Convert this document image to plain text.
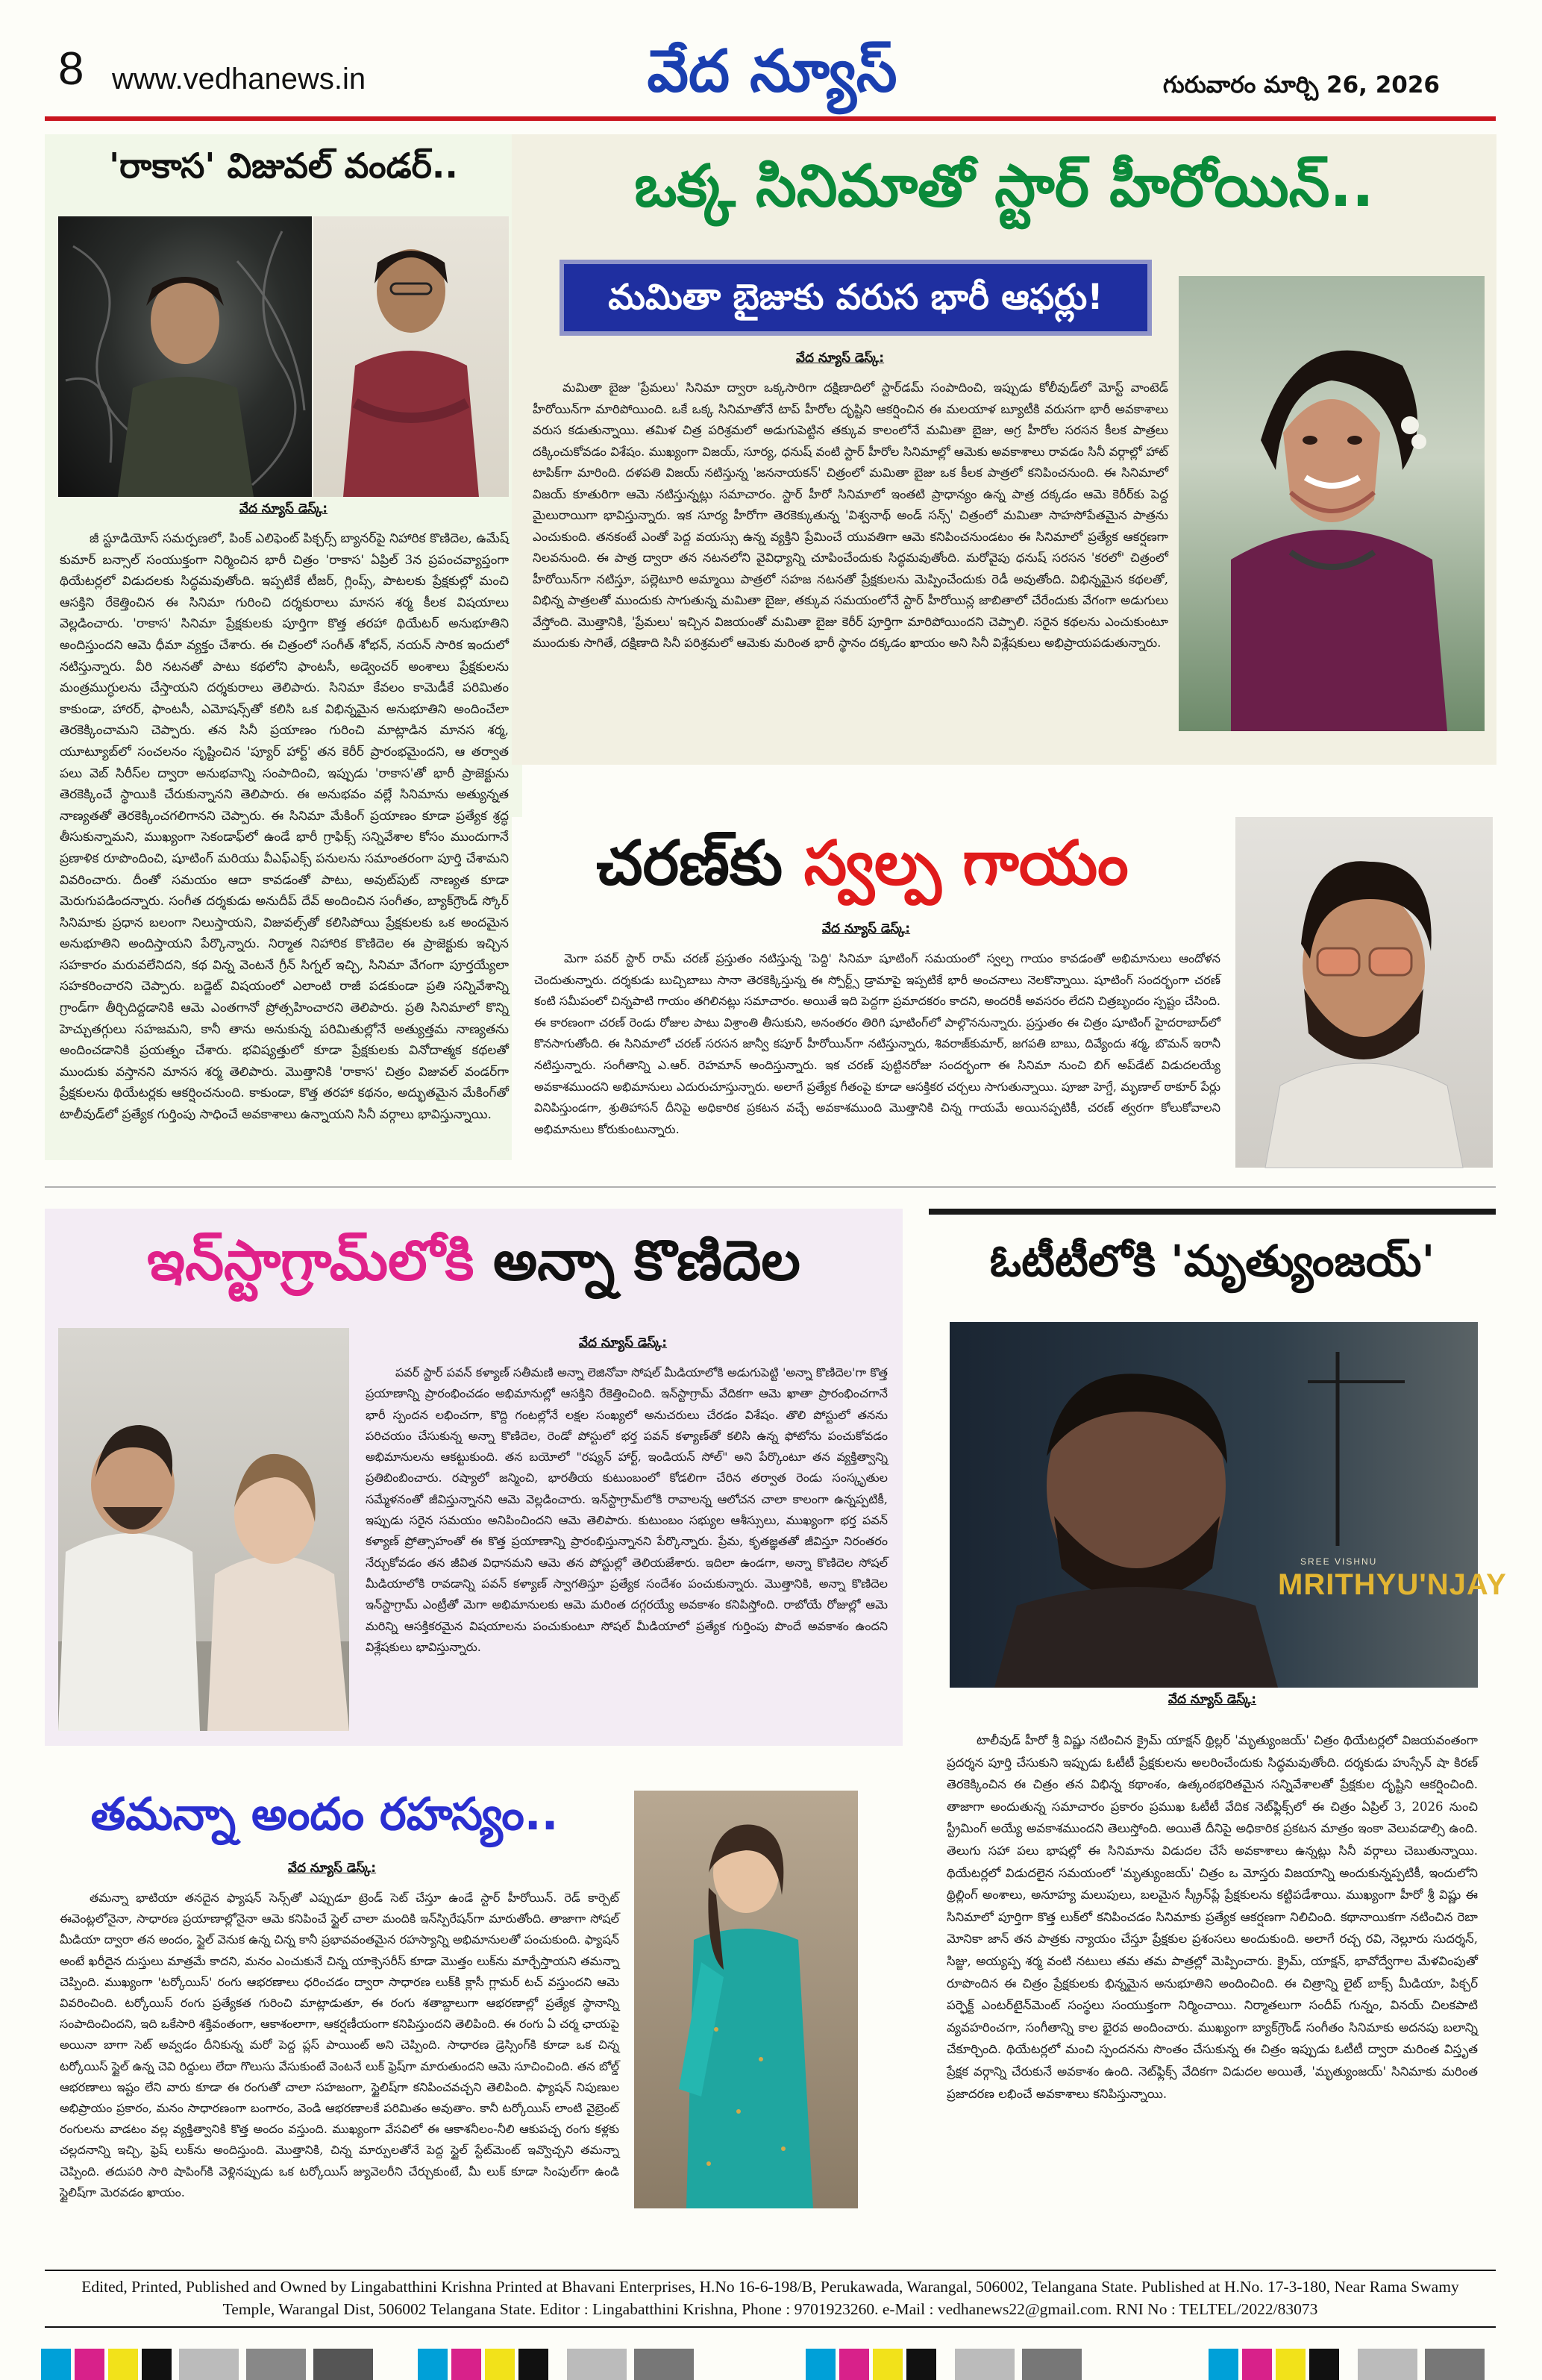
8 www.vedhanews.in	వేద న్యూస్	గురువారం మార్చి 26, 2026
'రాకాస' విజువల్ వండర్..
వేద న్యూస్ డెస్క్:
జీ స్టూడియోస్ సమర్పణలో, పింక్ ఎలిఫెంట్ పిక్చర్స్ బ్యానర్‌పై నిహారిక కొణిదెల, ఉమేష్ కుమార్ బన్సాల్ సంయుక్తంగా నిర్మించిన భారీ చిత్రం 'రాకాస' ఏప్రిల్ 3న ప్రపంచవ్యాప్తంగా థియేటర్లలో విడుదలకు సిద్ధమవుతోంది. ఇప్పటికే టీజర్, గ్లింప్స్, పాటలకు ప్రేక్షకుల్లో మంచి ఆసక్తిని రేకెత్తించిన ఈ సినిమా గురించి దర్శకురాలు మానస శర్మ కీలక విషయాలు వెల్లడించారు. 'రాకాస' సినిమా ప్రేక్షకులకు పూర్తిగా కొత్త తరహా థియేటర్ అనుభూతిని అందిస్తుందని ఆమె ధీమా వ్యక్తం చేశారు. ఈ చిత్రంలో సంగీత్ శోభన్, నయన్ సారిక ఇందులో నటిస్తున్నారు. వీరి నటనతో పాటు కథలోని ఫాంటసీ, అడ్వెంచర్ అంశాలు ప్రేక్షకులను మంత్రముగ్ధులను చేస్తాయని దర్శకురాలు తెలిపారు. సినిమా కేవలం కామెడీకే పరిమితం కాకుండా, హారర్, ఫాంటసీ, ఎమోషన్స్‌తో కలిసి ఒక విభిన్నమైన అనుభూతిని అందించేలా తెరకెక్కించామని చెప్పారు. తన సినీ ప్రయాణం గురించి మాట్లాడిన మానస శర్మ, యూట్యూబ్‌లో సంచలనం సృష్టించిన 'ప్యూర్ హార్ట్' తన కెరీర్ ప్రారంభమైందని, ఆ తర్వాత పలు వెబ్ సిరీస్‌ల ద్వారా అనుభవాన్ని సంపాదించి, ఇప్పుడు 'రాకాస'తో భారీ ప్రాజెక్టును తెరకెక్కించే స్థాయికి చేరుకున్నానని తెలిపారు. ఈ అనుభవం వల్లే సినిమాను అత్యున్నత నాణ్యతతో తెరకెక్కించగలిగానని చెప్పారు. ఈ సినిమా మేకింగ్ ప్రయాణం కూడా ప్రత్యేక శ్రద్ధ తీసుకున్నామని, ముఖ్యంగా సెకండాఫ్‌లో ఉండే భారీ గ్రాఫిక్స్ సన్నివేశాల కోసం ముందుగానే ప్రణాళిక రూపొందించి, షూటింగ్ మరియు వీఎఫ్ఎక్స్ పనులను సమాంతరంగా పూర్తి చేశామని వివరించారు. దీంతో సమయం ఆదా కావడంతో పాటు, అవుట్‌పుట్ నాణ్యత కూడా మెరుగుపడిందన్నారు. సంగీత దర్శకుడు అనుదీప్ దేవ్ అందించిన సంగీతం, బ్యాక్‌గ్రౌండ్ స్కోర్ సినిమాకు ప్రధాన బలంగా నిలుస్తాయని, విజువల్స్‌తో కలిసిపోయి ప్రేక్షకులకు ఒక అందమైన అనుభూతిని అందిస్తాయని పేర్కొన్నారు. నిర్మాత నిహారిక కొణిదెల ఈ ప్రాజెక్టుకు ఇచ్చిన సహకారం మరువలేనిదని, కథ విన్న వెంటనే గ్రీన్ సిగ్నల్ ఇచ్చి, సినిమా వేగంగా పూర్తయ్యేలా సహకరించారని చెప్పారు. బడ్జెట్ విషయంలో ఎలాంటి రాజీ పడకుండా ప్రతి సన్నివేశాన్ని గ్రాండ్‌గా తీర్చిదిద్దడానికి ఆమె ఎంతగానో ప్రోత్సహించారని తెలిపారు. ప్రతి సినిమాలో కొన్ని హెచ్చుతగ్గులు సహజమని, కానీ తాను అనుకున్న పరిమితుల్లోనే అత్యుత్తమ నాణ్యతను అందించడానికి ప్రయత్నం చేశారు. భవిష్యత్తులో కూడా ప్రేక్షకులకు వినోదాత్మక కథలతో ముందుకు వస్తానని మానస శర్మ తెలిపారు. మొత్తానికి 'రాకాస' చిత్రం విజువల్ వండర్‌గా ప్రేక్షకులను థియేటర్లకు ఆకర్షించనుంది. కాకుండా, కొత్త తరహా కథనం, అద్భుతమైన మేకింగ్‌తో టాలీవుడ్‌లో ప్రత్యేక గుర్తింపు సాధించే అవకాశాలు ఉన్నాయని సినీ వర్గాలు భావిస్తున్నాయి.
ఒక్క సినిమాతో స్టార్ హీరోయిన్..
మమితా బైజుకు వరుస భారీ ఆఫర్లు!
వేద న్యూస్ డెస్క్:
మమితా బైజు 'ప్రేమలు' సినిమా ద్వారా ఒక్కసారిగా దక్షిణాదిలో స్టార్‌డమ్ సంపాదించి, ఇప్పుడు కోలీవుడ్‌లో మోస్ట్ వాంటెడ్ హీరోయిన్‌గా మారిపోయింది. ఒకే ఒక్క సినిమాతోనే టాప్ హీరోల దృష్టిని ఆకర్షించిన ఈ మలయాళ బ్యూటీకి వరుసగా భారీ అవకాశాలు వరుస కడుతున్నాయి. తమిళ చిత్ర పరిశ్రమలో అడుగుపెట్టిన తక్కువ కాలంలోనే మమితా బైజు, అగ్ర హీరోల సరసన కీలక పాత్రలు దక్కించుకోవడం విశేషం. ముఖ్యంగా విజయ్, సూర్య, ధనుష్ వంటి స్టార్ హీరోల సినిమాల్లో ఆమెకు అవకాశాలు రావడం సినీ వర్గాల్లో హాట్ టాపిక్‌గా మారింది. దళపతి విజయ్ నటిస్తున్న 'జననాయకన్' చిత్రంలో మమితా బైజు ఒక కీలక పాత్రలో కనిపించనుంది. ఈ సినిమాలో విజయ్ కూతురిగా ఆమె నటిస్తున్నట్లు సమాచారం. స్టార్ హీరో సినిమాలో ఇంతటి ప్రాధాన్యం ఉన్న పాత్ర దక్కడం ఆమె కెరీర్‌కు పెద్ద మైలురాయిగా భావిస్తున్నారు. ఇక సూర్య హీరోగా తెరకెక్కుతున్న 'విశ్వనాథ్ అండ్ సన్స్' చిత్రంలో మమితా సాహసోపేతమైన పాత్రను ఎంచుకుంది. తనకంటే ఎంతో పెద్ద వయస్సు ఉన్న వ్యక్తిని ప్రేమించే యువతిగా ఆమె కనిపించనుండటం ఈ సినిమాలో ప్రత్యేక ఆకర్షణగా నిలవనుంది. ఈ పాత్ర ద్వారా తన నటనలోని వైవిధ్యాన్ని చూపించేందుకు సిద్ధమవుతోంది. మరోవైపు ధనుష్ సరసన 'కరలో' చిత్రంలో హీరోయిన్‌గా నటిస్తూ, పల్లెటూరి అమ్మాయి పాత్రలో సహజ నటనతో ప్రేక్షకులను మెప్పించేందుకు రెడీ అవుతోంది. విభిన్నమైన కథలతో, విభిన్న పాత్రలతో ముందుకు సాగుతున్న మమితా బైజు, తక్కువ సమయంలోనే స్టార్ హీరోయిన్ల జాబితాలో చేరేందుకు వేగంగా అడుగులు వేస్తోంది. మొత్తానికి, 'ప్రేమలు' ఇచ్చిన విజయంతో మమితా బైజు కెరీర్ పూర్తిగా మారిపోయిందని చెప్పాలి. సరైన కథలను ఎంచుకుంటూ ముందుకు సాగితే, దక్షిణాది సినీ పరిశ్రమలో ఆమెకు మరింత భారీ స్థానం దక్కడం ఖాయం అని సినీ విశ్లేషకులు అభిప్రాయపడుతున్నారు.
చరణ్‌కు స్వల్ప గాయం
వేద న్యూస్ డెస్క్:
మెగా పవర్ స్టార్ రామ్ చరణ్ ప్రస్తుతం నటిస్తున్న 'పెద్ది' సినిమా షూటింగ్ సమయంలో స్వల్ప గాయం కావడంతో అభిమానులు ఆందోళన చెందుతున్నారు. దర్శకుడు బుచ్చిబాబు సానా తెరకెక్కిస్తున్న ఈ స్పోర్ట్స్ డ్రామాపై ఇప్పటికే భారీ అంచనాలు నెలకొన్నాయి. షూటింగ్ సందర్భంగా చరణ్ కంటి సమీపంలో చిన్నపాటి గాయం తగిలినట్లు సమాచారం. అయితే ఇది పెద్దగా ప్రమాదకరం కాదని, అందరికీ అవసరం లేదని చిత్రబృందం స్పష్టం చేసింది. ఈ కారణంగా చరణ్ రెండు రోజుల పాటు విశ్రాంతి తీసుకుని, అనంతరం తిరిగి షూటింగ్‌లో పాల్గొననున్నారు. ప్రస్తుతం ఈ చిత్రం షూటింగ్ హైదరాబాద్‌లో కొనసాగుతోంది. ఈ సినిమాలో చరణ్ సరసన జాన్వీ కపూర్ హీరోయిన్‌గా నటిస్తున్నారు, శివరాజ్‌కుమార్, జగపతి బాబు, దివ్యేందు శర్మ, బొమన్ ఇరానీ నటిస్తున్నారు. సంగీతాన్ని ఎ.ఆర్. రెహమాన్ అందిస్తున్నారు. ఇక చరణ్ పుట్టినరోజు సందర్భంగా ఈ సినిమా నుంచి బిగ్ అప్‌డేట్ విడుదలయ్యే అవకాశముందని అభిమానులు ఎదురుచూస్తున్నారు. అలాగే ప్రత్యేక గీతంపై కూడా ఆసక్తికర చర్చలు సాగుతున్నాయి. పూజా హెగ్డే, మృణాల్ ఠాకూర్ పేర్లు వినిపిస్తుండగా, శ్రుతిహాసన్ దీనిపై అధికారిక ప్రకటన వచ్చే అవకాశముంది మొత్తానికి చిన్న గాయమే అయినప్పటికీ, చరణ్ త్వరగా కోలుకోవాలని అభిమానులు కోరుకుంటున్నారు.
ఇన్‌స్టాగ్రామ్‌లోకి అన్నా కొణిదెల
వేద న్యూస్ డెస్క్:
పవర్ స్టార్ పవన్ కళ్యాణ్ సతీమణి అన్నా లెజినోవా సోషల్ మీడియాలోకి అడుగుపెట్టి 'అన్నా కొణిదెల'గా కొత్త ప్రయాణాన్ని ప్రారంభించడం అభిమానుల్లో ఆసక్తిని రేకెత్తించింది. ఇన్‌స్టాగ్రామ్ వేదికగా ఆమె ఖాతా ప్రారంభించగానే భారీ స్పందన లభించగా, కొద్ది గంటల్లోనే లక్షల సంఖ్యలో అనుచరులు చేరడం విశేషం. తొలి పోస్టులో తనను పరిచయం చేసుకున్న అన్నా కొణిదెల, రెండో పోస్టులో భర్త పవన్ కళ్యాణ్‌తో కలిసి ఉన్న ఫోటోను పంచుకోవడం అభిమానులను ఆకట్టుకుంది. తన బయోలో "రష్యన్ హార్ట్, ఇండియన్ సోల్" అని పేర్కొంటూ తన వ్యక్తిత్వాన్ని ప్రతిబింబించారు. రష్యాలో జన్మించి, భారతీయ కుటుంబంలో కోడలిగా చేరిన తర్వాత రెండు సంస్కృతుల సమ్మేళనంతో జీవిస్తున్నానని ఆమె వెల్లడించారు. ఇన్‌స్టాగ్రామ్‌లోకి రావాలన్న ఆలోచన చాలా కాలంగా ఉన్నప్పటికీ, ఇప్పుడు సరైన సమయం అనిపించిందని ఆమె తెలిపారు. కుటుంబం సభ్యుల ఆశీస్సులు, ముఖ్యంగా భర్త పవన్ కళ్యాణ్ ప్రోత్సాహంతో ఈ కొత్త ప్రయాణాన్ని ప్రారంభిస్తున్నానని పేర్కొన్నారు. ప్రేమ, కృతజ్ఞతతో జీవిస్తూ నిరంతరం నేర్చుకోవడం తన జీవిత విధానమని ఆమె తన పోస్టుల్లో తెలియజేశారు. ఇదిలా ఉండగా, అన్నా కొణిదెల సోషల్ మీడియాలోకి రావడాన్ని పవన్ కళ్యాణ్ స్వాగతిస్తూ ప్రత్యేక సందేశం పంచుకున్నారు. మొత్తానికి, అన్నా కొణిదెల ఇన్‌స్టాగ్రామ్ ఎంట్రీతో మెగా అభిమానులకు ఆమె మరింత దగ్గరయ్యే అవకాశం కనిపిస్తోంది. రాబోయే రోజుల్లో ఆమె మరిన్ని ఆసక్తికరమైన విషయాలను పంచుకుంటూ సోషల్ మీడియాలో ప్రత్యేక గుర్తింపు పొందే అవకాశం ఉందని విశ్లేషకులు భావిస్తున్నారు.
ఓటీటీలోకి 'మృత్యుంజయ్'
SREE VISHNU
MRITHYU'NJAY
వేద న్యూస్ డెస్క్:
టాలీవుడ్ హీరో శ్రీ విష్ణు నటించిన క్రైమ్ యాక్షన్ థ్రిల్లర్ 'మృత్యుంజయ్' చిత్రం థియేటర్లలో విజయవంతంగా ప్రదర్శన పూర్తి చేసుకుని ఇప్పుడు ఓటీటీ ప్రేక్షకులను అలరించేందుకు సిద్ధమవుతోంది. దర్శకుడు హుస్సేన్ షా కిరణ్ తెరకెక్కించిన ఈ చిత్రం తన విభిన్న కథాంశం, ఉత్కంఠభరితమైన సన్నివేశాలతో ప్రేక్షకుల దృష్టిని ఆకర్షించింది. తాజాగా అందుతున్న సమాచారం ప్రకారం ప్రముఖ ఓటీటీ వేదిక నెట్‌ఫ్లిక్స్‌లో ఈ చిత్రం ఏప్రిల్ 3, 2026 నుంచి స్ట్రీమింగ్ అయ్యే అవకాశముందని తెలుస్తోంది. అయితే దీనిపై అధికారిక ప్రకటన మాత్రం ఇంకా వెలువడాల్సి ఉంది. తెలుగు సహా పలు భాషల్లో ఈ సినిమాను విడుదల చేసే అవకాశాలు ఉన్నట్లు సినీ వర్గాలు చెబుతున్నాయి. థియేటర్లలో విడుదలైన సమయంలో 'మృత్యుంజయ్' చిత్రం ఒ మోస్తరు విజయాన్ని అందుకున్నప్పటికీ, ఇందులోని థ్రిల్లింగ్ అంశాలు, అనూహ్య మలుపులు, బలమైన స్క్రీన్‌ప్లే ప్రేక్షకులను కట్టిపడేశాయి. ముఖ్యంగా హీరో శ్రీ విష్ణు ఈ సినిమాలో పూర్తిగా కొత్త లుక్‌లో కనిపించడం సినిమాకు ప్రత్యేక ఆకర్షణగా నిలిచింది. కథానాయికగా నటించిన రెబా మోనికా జాన్ తన పాత్రకు న్యాయం చేస్తూ ప్రేక్షకుల ప్రశంసలు అందుకుంది. అలాగే రచ్చ రవి, నెల్లూరు సుదర్శన్, సిజ్జు, అయ్యప్ప శర్మ వంటి నటులు తమ తమ పాత్రల్లో మెప్పించారు. క్రైమ్, యాక్షన్, భావోద్వేగాల మేళవింపుతో రూపొందిన ఈ చిత్రం ప్రేక్షకులకు భిన్నమైన అనుభూతిని అందించింది. ఈ చిత్రాన్ని లైట్ బాక్స్ మీడియా, పిక్చర్ పర్ఫెక్ట్ ఎంటర్‌టైన్‌మెంట్ సంస్థలు సంయుక్తంగా నిర్మించాయి. నిర్మాతలుగా సందీప్ గున్నం, వినయ్ చిలకపాటి వ్యవహరించగా, సంగీతాన్ని కాల భైరవ అందించారు. ముఖ్యంగా బ్యాక్‌గ్రౌండ్ సంగీతం సినిమాకు అదనపు బలాన్ని చేకూర్చింది. థియేటర్లలో మంచి స్పందనను సొంతం చేసుకున్న ఈ చిత్రం ఇప్పుడు ఓటీటీ ద్వారా మరింత విస్తృత ప్రేక్షక వర్గాన్ని చేరుకునే అవకాశం ఉంది. నెట్‌ఫ్లిక్స్ వేదికగా విడుదల అయితే, 'మృత్యుంజయ్' సినిమాకు మరింత ప్రజాదరణ లభించే అవకాశాలు కనిపిస్తున్నాయి.
తమన్నా అందం రహస్యం..
వేద న్యూస్ డెస్క్:
తమన్నా భాటియా తనదైన ఫ్యాషన్ సెన్స్‌తో ఎప్పుడూ ట్రెండ్ సెట్ చేస్తూ ఉండే స్టార్ హీరోయిన్. రెడ్ కార్పెట్ ఈవెంట్లలోనైనా, సాధారణ ప్రయాణాల్లోనైనా ఆమె కనిపించే స్టైల్ చాలా మందికి ఇన్‌స్పిరేషన్‌గా మారుతోంది. తాజాగా సోషల్ మీడియా ద్వారా తన అందం, స్టైల్ వెనుక ఉన్న చిన్న కానీ ప్రభావవంతమైన రహస్యాన్ని అభిమానులతో పంచుకుంది. ఫ్యాషన్ అంటే ఖరీదైన దుస్తులు మాత్రమే కాదని, మనం ఎంచుకునే చిన్న యాక్సెసరీస్ కూడా మొత్తం లుక్‌ను మార్చేస్తాయని తమన్నా చెప్పింది. ముఖ్యంగా 'టర్కోయిస్' రంగు ఆభరణాలు ధరించడం ద్వారా సాధారణ లుక్‌కి క్లాసీ గ్లామర్ టచ్ వస్తుందని ఆమె వివరించింది. టర్కోయిస్ రంగు ప్రత్యేకత గురించి మాట్లాడుతూ, ఈ రంగు శతాబ్దాలుగా ఆభరణాల్లో ప్రత్యేక స్థానాన్ని సంపాదించిందని, ఇది ఒకేసారి శక్తివంతంగా, ఆకాశంలాగా, ఆకర్షణీయంగా కనిపిస్తుందని తెలిపింది. ఈ రంగు ఏ చర్మ ఛాయపై అయినా బాగా సెట్ అవ్వడం దీనికున్న మరో పెద్ద ప్లస్ పాయింట్ అని చెప్పింది. సాధారణ డ్రెస్సింగ్‌కి కూడా ఒక చిన్న టర్కోయిస్ స్టైల్ ఉన్న చెవి రిద్దులు లేదా గొలుసు వేసుకుంటే వెంటనే లుక్ ఫ్రెష్‌గా మారుతుందని ఆమె సూచించింది. తన బోల్డ్ ఆభరణాలు ఇష్టం లేని వారు కూడా ఈ రంగుతో చాలా సహజంగా, స్టైలిష్‌గా కనిపించవచ్చని తెలిపింది. ఫ్యాషన్ నిపుణుల అభిప్రాయం ప్రకారం, మనం సాధారణంగా బంగారం, వెండి ఆభరణాలకే పరిమితం అవుతాం. కానీ టర్కోయిస్ లాంటి వైబ్రెంట్ రంగులను వాడటం వల్ల వ్యక్తిత్వానికి కొత్త అందం వస్తుంది. ముఖ్యంగా వేసవిలో ఈ ఆకాశనీలం-నీలి ఆకుపచ్చ రంగు కళ్లకు చల్లదనాన్ని ఇచ్చి, ఫ్రెష్ లుక్‌ను అందిస్తుంది. మొత్తానికి, చిన్న మార్పులతోనే పెద్ద స్టైల్ స్టేట్‌మెంట్ ఇవ్వొచ్చని తమన్నా చెప్పింది. తదుపరి సారి షాపింగ్‌కి వెళ్లినప్పుడు ఒక టర్కోయిస్ జ్యువెలరీని చేర్చుకుంటే, మీ లుక్ కూడా సింపుల్‌గా ఉండి స్టైలిష్‌గా మెరవడం ఖాయం.
Edited, Printed, Published and Owned by Lingabatthini Krishna Printed at Bhavani Enterprises, H.No 16-6-198/B, Perukawada, Warangal, 506002, Telangana State. Published at H.No. 17-3-180, Near Rama Swamy Temple, Warangal Dist, 506002 Telangana State. Editor : Lingabatthini Krishna, Phone : 9701923260. e-Mail : vedhanews22@gmail.com. RNI No : TELTEL/2022/83073
